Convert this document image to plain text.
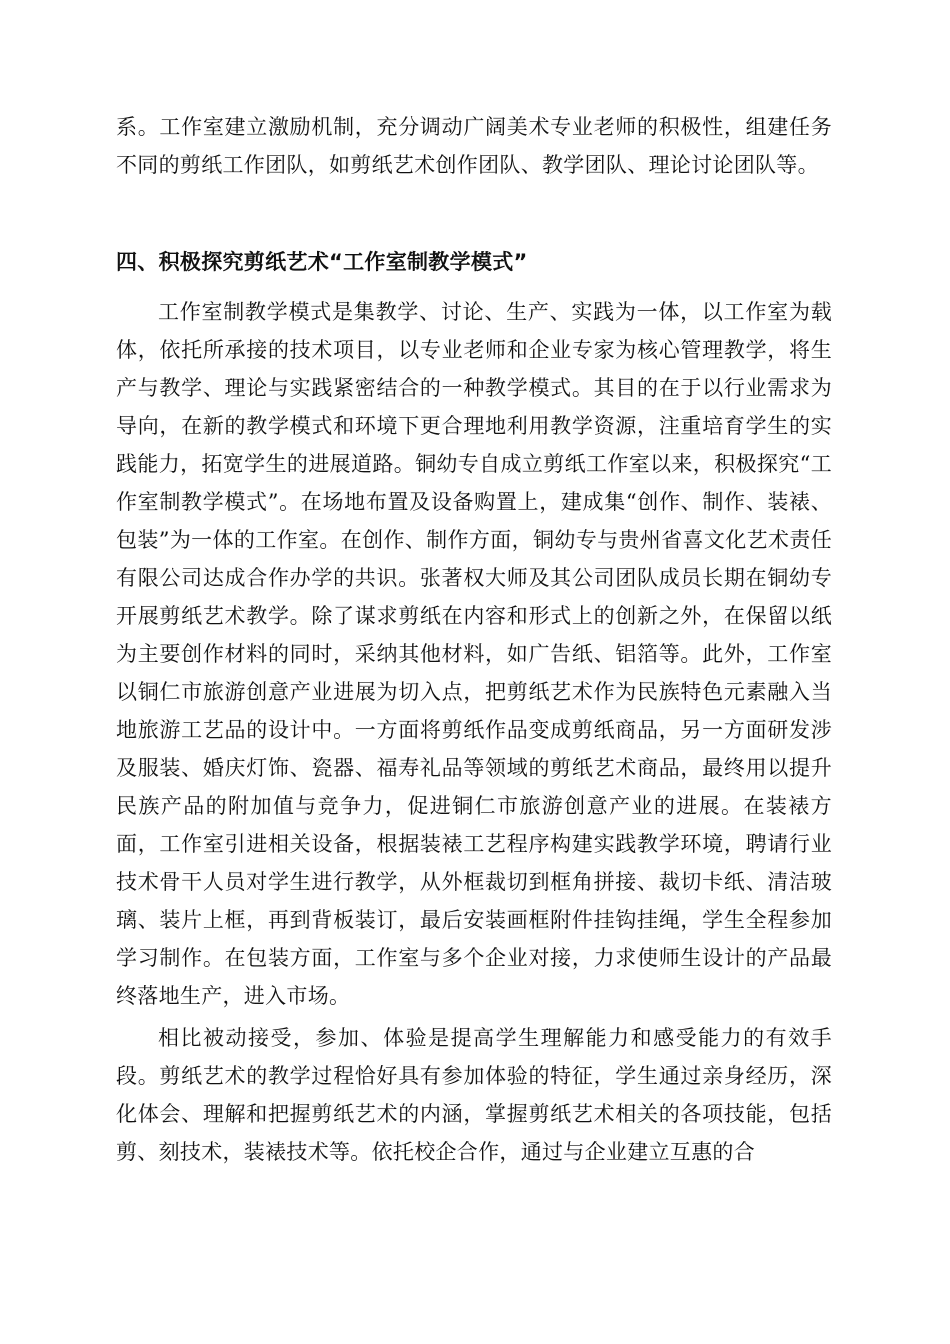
系。工作室建立激励机制，充分调动广阔美术专业老师的积极性，组建任务不同的剪纸工作团队，如剪纸艺术创作团队、教学团队、理论讨论团队等。
四、积极探究剪纸艺术“工作室制教学模式”
工作室制教学模式是集教学、讨论、生产、实践为一体，以工作室为载体，依托所承接的技术项目，以专业老师和企业专家为核心管理教学，将生产与教学、理论与实践紧密结合的一种教学模式。其目的在于以行业需求为导向，在新的教学模式和环境下更合理地利用教学资源，注重培育学生的实践能力，拓宽学生的进展道路。铜幼专自成立剪纸工作室以来，积极探究“工作室制教学模式”。在场地布置及设备购置上，建成集“创作、制作、装裱、包装”为一体的工作室。在创作、制作方面，铜幼专与贵州省喜文化艺术责任有限公司达成合作办学的共识。张著权大师及其公司团队成员长期在铜幼专开展剪纸艺术教学。除了谋求剪纸在内容和形式上的创新之外，在保留以纸为主要创作材料的同时，采纳其他材料，如广告纸、铝箔等。此外，工作室以铜仁市旅游创意产业进展为切入点，把剪纸艺术作为民族特色元素融入当地旅游工艺品的设计中。一方面将剪纸作品变成剪纸商品，另一方面研发涉及服装、婚庆灯饰、瓷器、福寿礼品等领域的剪纸艺术商品，最终用以提升民族产品的附加值与竞争力，促进铜仁市旅游创意产业的进展。在装裱方面，工作室引进相关设备，根据装裱工艺程序构建实践教学环境，聘请行业技术骨干人员对学生进行教学，从外框裁切到框角拼接、裁切卡纸、清洁玻璃、装片上框，再到背板装订，最后安装画框附件挂钩挂绳，学生全程参加学习制作。在包装方面，工作室与多个企业对接，力求使师生设计的产品最终落地生产，进入市场。
相比被动接受，参加、体验是提高学生理解能力和感受能力的有效手段。剪纸艺术的教学过程恰好具有参加体验的特征，学生通过亲身经历，深化体会、理解和把握剪纸艺术的内涵，掌握剪纸艺术相关的各项技能，包括剪、刻技术，装裱技术等。依托校企合作，通过与企业建立互惠的合
